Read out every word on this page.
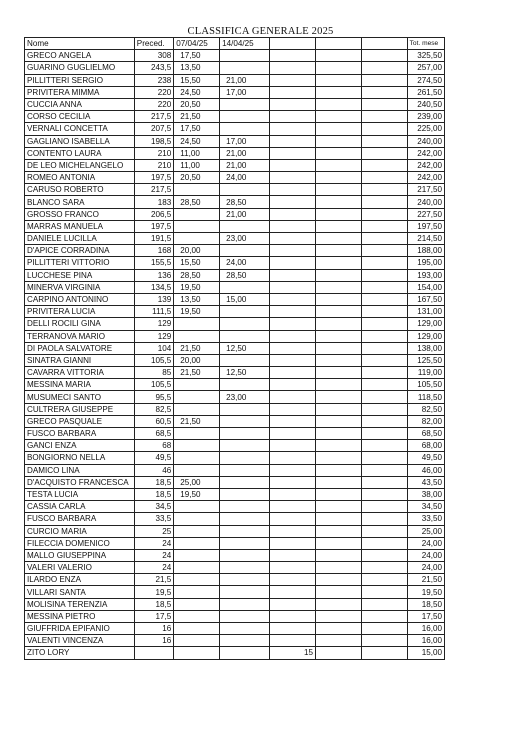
CLASSIFICA GENERALE 2025
Nome	Preced.	07/04/25	14/04/25				Tot. mese
GRECO ANGELA	308	17,50					325,50
GUARINO GUGLIELMO	243,5	13,50					257,00
PILLITTERI SERGIO	238	15,50	21,00				274,50
PRIVITERA MIMMA	220	24,50	17,00				261,50
CUCCIA ANNA	220	20,50					240,50
CORSO CECILIA	217,5	21,50					239,00
VERNALI CONCETTA	207,5	17,50					225,00
GAGLIANO ISABELLA	198,5	24,50	17,00				240,00
CONTENTO LAURA	210	11,00	21,00				242,00
DE LEO MICHELANGELO	210	11,00	21,00				242,00
ROMEO ANTONIA	197,5	20,50	24,00				242,00
CARUSO ROBERTO	217,5						217,50
BLANCO SARA	183	28,50	28,50				240,00
GROSSO FRANCO	206,5		21,00				227,50
MARRAS MANUELA	197,5						197,50
DANIELE LUCILLA	191,5		23,00				214,50
D'APICE CORRADINA	168	20,00					188,00
PILLITTERI VITTORIO	155,5	15,50	24,00				195,00
LUCCHESE PINA	136	28,50	28,50				193,00
MINERVA VIRGINIA	134,5	19,50					154,00
CARPINO ANTONINO	139	13,50	15,00				167,50
PRIVITERA LUCIA	111,5	19,50					131,00
DELLI ROCILI GINA	129						129,00
TERRANOVA MARIO	129						129,00
DI PAOLA SALVATORE	104	21,50	12,50				138,00
SINATRA GIANNI	105,5	20,00					125,50
CAVARRA VITTORIA	85	21,50	12,50				119,00
MESSINA MARIA	105,5						105,50
MUSUMECI SANTO	95,5		23,00				118,50
CULTRERA GIUSEPPE	82,5						82,50
GRECO PASQUALE	60,5	21,50					82,00
FUSCO BARBARA	68,5						68,50
GANCI ENZA	68						68,00
BONGIORNO NELLA	49,5						49,50
DAMICO LINA	46						46,00
D'ACQUISTO FRANCESCA	18,5	25,00					43,50
TESTA LUCIA	18,5	19,50					38,00
CASSIA CARLA	34,5						34,50
FUSCO BARBARA	33,5						33,50
CURCIO MARIA	25						25,00
FILECCIA DOMENICO	24						24,00
MALLO GIUSEPPINA	24						24,00
VALERI VALERIO	24						24,00
ILARDO ENZA	21,5						21,50
VILLARI SANTA	19,5						19,50
MOLISINA TERENZIA	18,5						18,50
MESSINA PIETRO	17,5						17,50
GIUFFRIDA EPIFANIO	16						16,00
VALENTI VINCENZA	16						16,00
ZITO LORY				15			15,00
